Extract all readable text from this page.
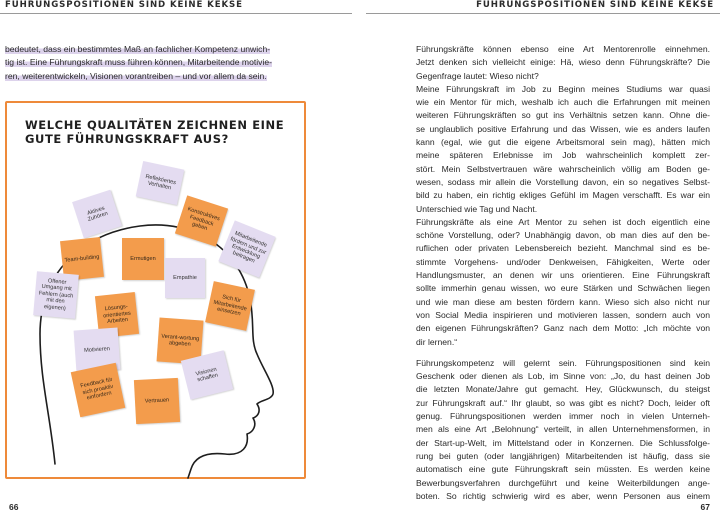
FÜHRUNGSPOSITIONEN SIND KEINE KEKSE	FÜHRUNGSPOSITIONEN SIND KEINE KEKSE
bedeutet, dass ein bestimmtes Maß an fachlicher Kompetenz unwich-
tig ist. Eine Führungskraft muss führen können, Mitarbeitende motivie-
ren, weiterentwickeln, Visionen vorantreiben – und vor allem da sein.
WELCHE QUALITÄTEN ZEICHNEN EINE
GUTE FÜHRUNGSKRAFT AUS?
Aktives Zuhören
Reflektiertes Verhalten
Konstruktives Feedback geben
Mitarbeitende fördern und zur Entwicklung beitragen
Team-building	Ermutigen
Empathie
Offener Umgang mit Fehlern (auch mit den eigenen)	Lösungs-orientiertes Arbeiten
Sich für Mitarbeitende einsetzen
Verant-wortung abgeben
Motivieren
Visionen schaffen
Feedback für sich proaktiv einfordern	Vertrauen
66
Führungskräfte können ebenso eine Art Mentorenrolle einnehmen.
Jetzt denken sich vielleicht einige: Hä, wieso denn Führungskräfte? Die
Gegenfrage lautet: Wieso nicht?
Meine Führungskraft im Job zu Beginn meines Studiums war quasi
wie ein Mentor für mich, weshalb ich auch die Erfahrungen mit meinen
weiteren Führungskräften so gut ins Verhältnis setzen kann. Ohne die-
se unglaublich positive Erfahrung und das Wissen, wie es anders laufen
kann (egal, wie gut die eigene Arbeitsmoral sein mag), hätten mich
meine späteren Erlebnisse im Job wahrscheinlich komplett zer-
stört. Mein Selbstvertrauen wäre wahrscheinlich völlig am Boden ge-
wesen, sodass mir allein die Vorstellung davon, ein so negatives Selbst-
bild zu haben, ein richtig ekliges Gefühl im Magen verschafft. Es war ein
Unterschied wie Tag und Nacht.
Führungskräfte als eine Art Mentor zu sehen ist doch eigentlich eine
schöne Vorstellung, oder? Unabhängig davon, ob man dies auf den be-
ruflichen oder privaten Lebensbereich bezieht. Manchmal sind es be-
stimmte Vorgehens- und/oder Denkweisen, Fähigkeiten, Werte oder
Handlungsmuster, an denen wir uns orientieren. Eine Führungskraft
sollte immerhin genau wissen, wo eure Stärken und Schwächen liegen
und wie man diese am besten fördern kann. Wieso sich also nicht nur
von Social Media inspirieren und motivieren lassen, sondern auch von
den eigenen Führungskräften? Ganz nach dem Motto: „Ich möchte von
dir lernen.“
Führungskompetenz will gelernt sein. Führungspositionen sind kein
Geschenk oder dienen als Lob, im Sinne von: „Jo, du hast deinen Job
die letzten Monate/Jahre gut gemacht. Hey, Glückwunsch, du steigst
zur Führungskraft auf.“ Ihr glaubt, so was gibt es nicht? Doch, leider oft
genug. Führungspositionen werden immer noch in vielen Unterneh-
men als eine Art „Belohnung“ verteilt, in allen Unternehmensformen, in
der Start-up-Welt, im Mittelstand oder in Konzernen. Die Schlussfolge-
rung bei guten (oder langjährigen) Mitarbeitenden ist häufig, dass sie
automatisch eine gute Führungskraft sein müssten. Es werden keine
Bewerbungsverfahren durchgeführt und keine Weiterbildungen ange-
boten. So richtig schwierig wird es aber, wenn Personen aus einem
67
